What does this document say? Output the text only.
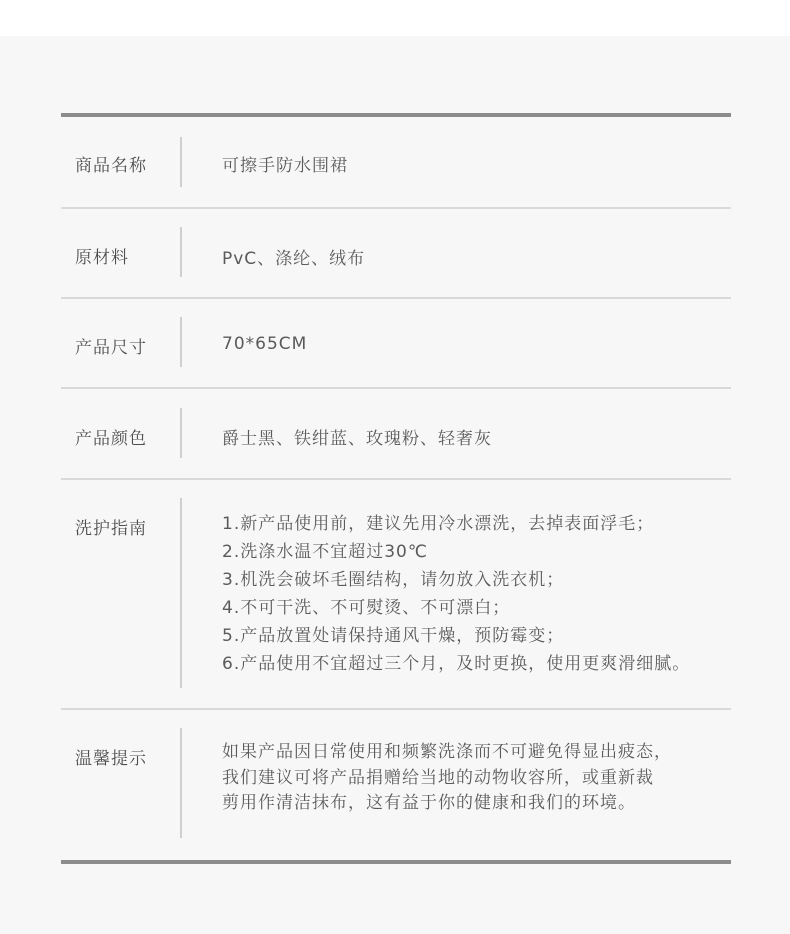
商品名称	可擦手防水围裙
原材料	PvC、涤纶、绒布
产品尺寸	70*65CM
产品颜色	爵士黑、铁绀蓝、玫瑰粉、轻奢灰
洗护指南	1.新产品使用前，建议先用冷水漂洗，去掉表面浮毛；
2.洗涤水温不宜超过30℃
3.机洗会破坏毛圈结构，请勿放入洗衣机；
4.不可干洗、不可熨烫、不可漂白；
5.产品放置处请保持通风干燥，预防霉变；
6.产品使用不宜超过三个月，及时更换，使用更爽滑细腻。
温馨提示	如果产品因日常使用和频繁洗涤而不可避免得显出疲态，
我们建议可将产品捐赠给当地的动物收容所，或重新裁
剪用作清洁抹布，这有益于你的健康和我们的环境。
